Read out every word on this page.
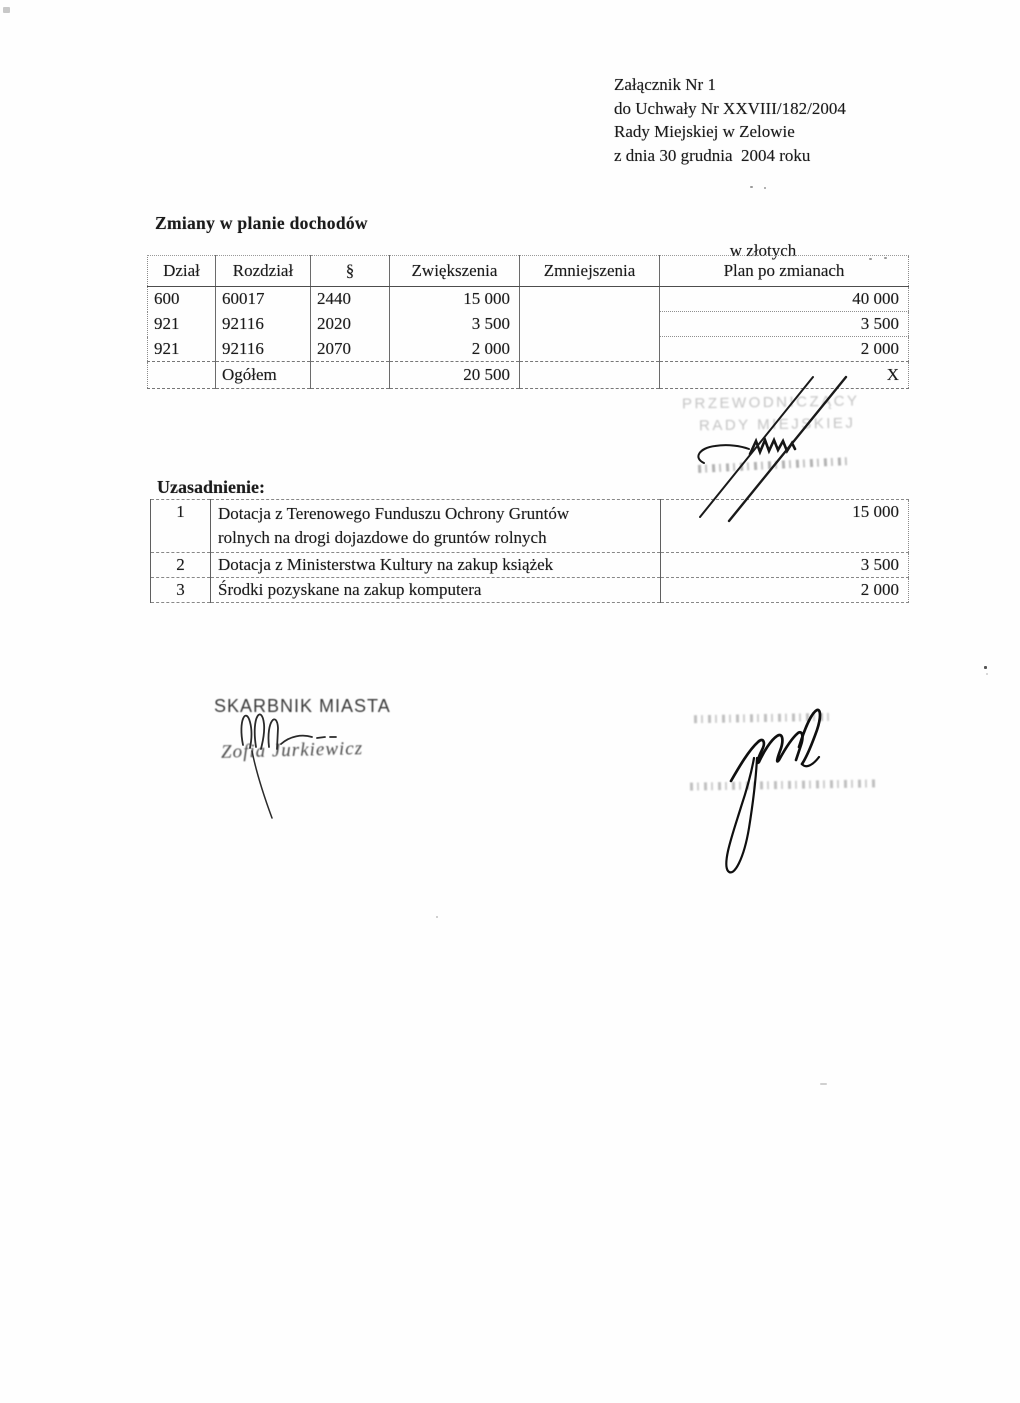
Załącznik Nr 1
do Uchwały Nr XXVIII/182/2004
Rady Miejskiej w Zelowie
z dnia 30 grudnia  2004 roku
Zmiany w planie dochodów
w złotych
Dział	Rozdział	§	Zwiększenia	Zmniejszenia	Plan po zmianach
600	60017	2440	15 000		40 000
921	92116	2020	3 500		3 500
921	92116	2070	2 000		2 000
	Ogółem		20 500		X
PRZEWODNICZĄCY
RADY MIEJSKIEJ
Uzasadnienie:
1	Dotacja z Terenowego Funduszu Ochrony Gruntów rolnych na drogi dojazdowe do gruntów rolnych	15 000
2	Dotacja z Ministerstwa Kultury na zakup książek	3 500
3	Środki pozyskane na zakup komputera	2 000
SKARBNIK MIASTA
Zofia Jurkiewicz
